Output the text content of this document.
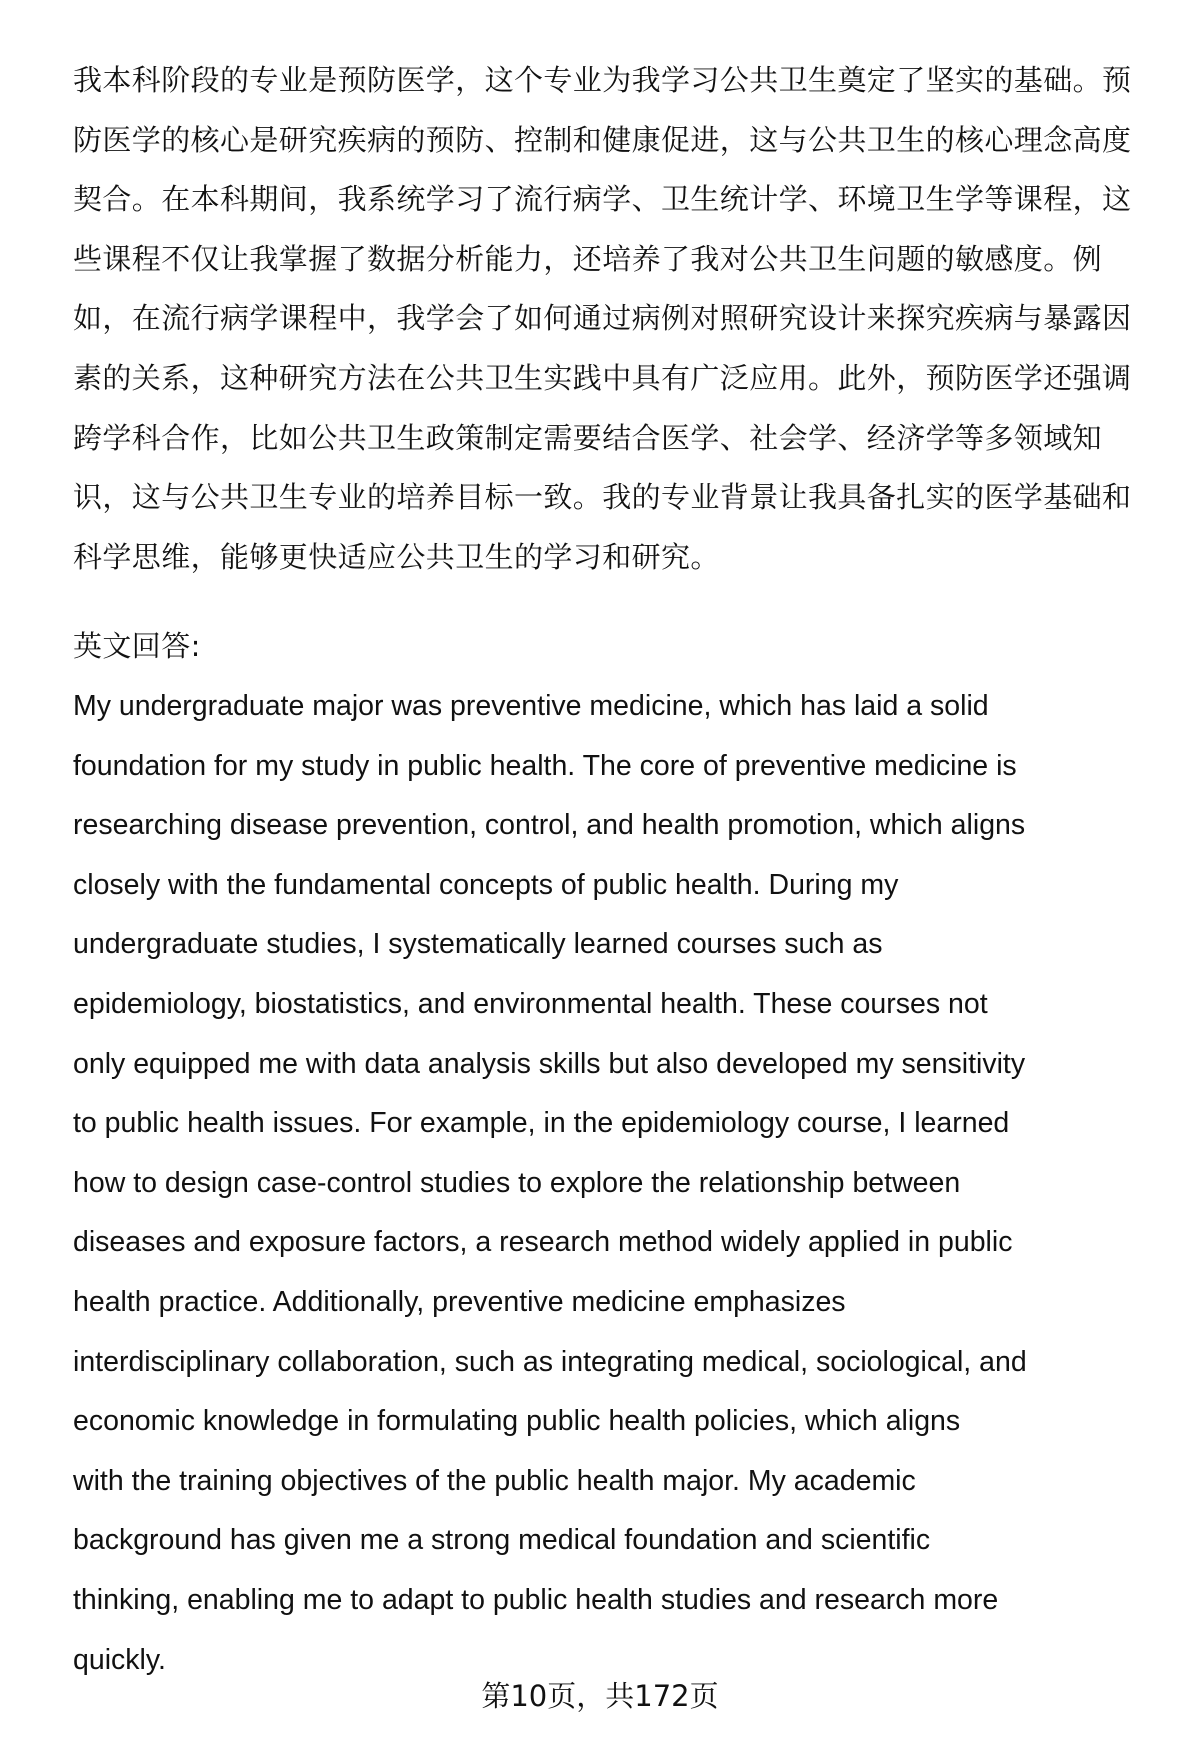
我本科阶段的专业是预防医学，这个专业为我学习公共卫生奠定了坚实的基础。预
防医学的核心是研究疾病的预防、控制和健康促进，这与公共卫生的核心理念高度
契合。在本科期间，我系统学习了流行病学、卫生统计学、环境卫生学等课程，这
些课程不仅让我掌握了数据分析能力，还培养了我对公共卫生问题的敏感度。例
如，在流行病学课程中，我学会了如何通过病例对照研究设计来探究疾病与暴露因
素的关系，这种研究方法在公共卫生实践中具有广泛应用。此外，预防医学还强调
跨学科合作，比如公共卫生政策制定需要结合医学、社会学、经济学等多领域知
识，这与公共卫生专业的培养目标一致。我的专业背景让我具备扎实的医学基础和
科学思维，能够更快适应公共卫生的学习和研究。
英文回答:
My undergraduate major was preventive medicine, which has laid a solid
foundation for my study in public health. The core of preventive medicine is
researching disease prevention, control, and health promotion, which aligns
closely with the fundamental concepts of public health. During my
undergraduate studies, I systematically learned courses such as
epidemiology, biostatistics, and environmental health. These courses not
only equipped me with data analysis skills but also developed my sensitivity
to public health issues. For example, in the epidemiology course, I learned
how to design case-control studies to explore the relationship between
diseases and exposure factors, a research method widely applied in public
health practice. Additionally, preventive medicine emphasizes
interdisciplinary collaboration, such as integrating medical, sociological, and
economic knowledge in formulating public health policies, which aligns
with the training objectives of the public health major. My academic
background has given me a strong medical foundation and scientific
thinking, enabling me to adapt to public health studies and research more
quickly.
第10页，共172页
